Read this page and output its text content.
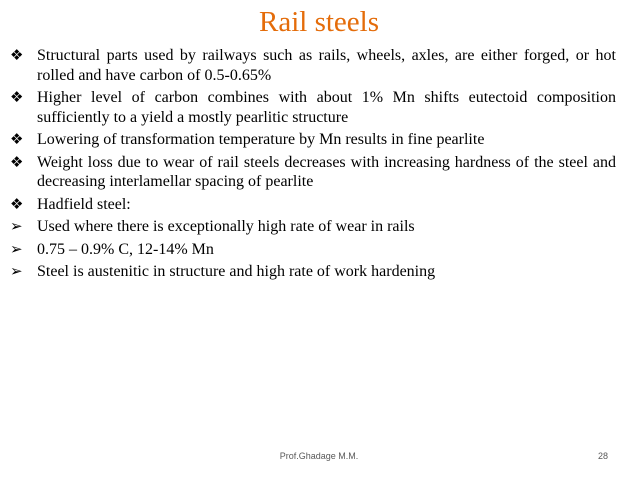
Rail steels
❖ Structural parts used by railways such as rails, wheels, axles, are either forged, or hot rolled and have carbon of 0.5-0.65%
❖ Higher level of carbon combines with about 1% Mn shifts eutectoid composition sufficiently to a yield a mostly pearlitic structure
❖ Lowering of transformation temperature by Mn results in fine pearlite
❖ Weight loss due to wear of rail steels decreases with increasing hardness of the steel and decreasing interlamellar spacing of pearlite
❖ Hadfield steel:
➢ Used where there is exceptionally high rate of wear in rails
➢ 0.75 – 0.9% C, 12-14% Mn
➢ Steel is austenitic in structure and high rate of work hardening
Prof.Ghadage M.M.	28
